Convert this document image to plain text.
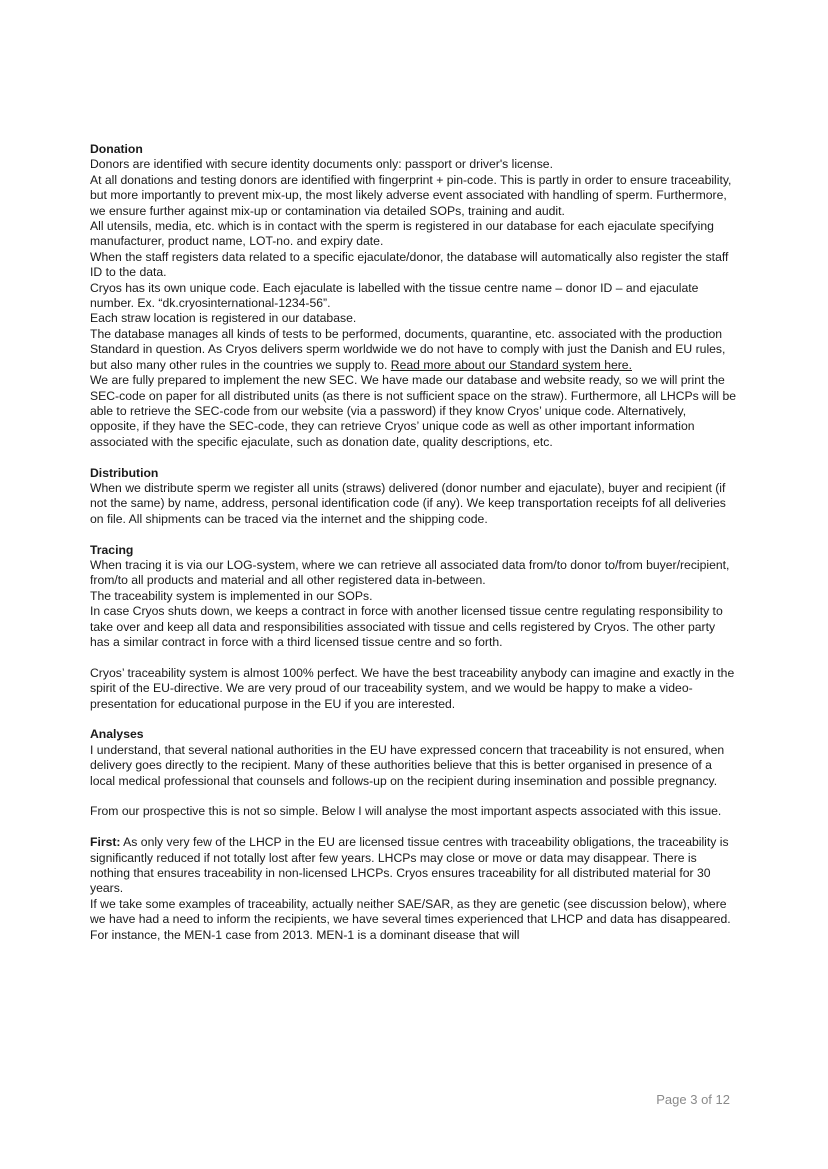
Donation

Donors are identified with secure identity documents only: passport or driver's license.

At all donations and testing donors are identified with fingerprint + pin-code. This is partly in order to ensure traceability, but more importantly to prevent mix-up, the most likely adverse event associated with handling of sperm. Furthermore, we ensure further against mix-up or contamination via detailed SOPs, training and audit.

All utensils, media, etc. which is in contact with the sperm is registered in our database for each ejaculate specifying manufacturer, product name, LOT-no. and expiry date.

When the staff registers data related to a specific ejaculate/donor, the database will automatically also register the staff ID to the data.

Cryos has its own unique code. Each ejaculate is labelled with the tissue centre name – donor ID – and ejaculate number. Ex. “dk.cryosinternational-1234-56”.

Each straw location is registered in our database.

The database manages all kinds of tests to be performed, documents, quarantine, etc. associated with the production Standard in question. As Cryos delivers sperm worldwide we do not have to comply with just the Danish and EU rules, but also many other rules in the countries we supply to. Read more about our Standard system here.

We are fully prepared to implement the new SEC. We have made our database and website ready, so we will print the SEC-code on paper for all distributed units (as there is not sufficient space on the straw). Furthermore, all LHCPs will be able to retrieve the SEC-code from our website (via a password) if they know Cryos’ unique code. Alternatively, opposite, if they have the SEC-code, they can retrieve Cryos’ unique code as well as other important information associated with the specific ejaculate, such as donation date, quality descriptions, etc.

Distribution

When we distribute sperm we register all units (straws) delivered (donor number and ejaculate), buyer and recipient (if not the same) by name, address, personal identification code (if any). We keep transportation receipts fof all deliveries on file. All shipments can be traced via the internet and the shipping code.

Tracing

When tracing it is via our LOG-system, where we can retrieve all associated data from/to donor to/from buyer/recipient, from/to all products and material and all other registered data in-between.

The traceability system is implemented in our SOPs.

In case Cryos shuts down, we keeps a contract in force with another licensed tissue centre regulating responsibility to take over and keep all data and responsibilities associated with tissue and cells registered by Cryos. The other party has a similar contract in force with a third licensed tissue centre and so forth.

Cryos’ traceability system is almost 100% perfect. We have the best traceability anybody can imagine and exactly in the spirit of the EU-directive. We are very proud of our traceability system, and we would be happy to make a video-presentation for educational purpose in the EU if you are interested.

Analyses

I understand, that several national authorities in the EU have expressed concern that traceability is not ensured, when delivery goes directly to the recipient. Many of these authorities believe that this is better organised in presence of a local medical professional that counsels and follows-up on the recipient during insemination and possible pregnancy.

From our prospective this is not so simple. Below I will analyse the most important aspects associated with this issue.

First: As only very few of the LHCP in the EU are licensed tissue centres with traceability obligations, the traceability is significantly reduced if not totally lost after few years. LHCPs may close or move or data may disappear. There is nothing that ensures traceability in non-licensed LHCPs. Cryos ensures traceability for all distributed material for 30 years.

If we take some examples of traceability, actually neither SAE/SAR, as they are genetic (see discussion below), where we have had a need to inform the recipients, we have several times experienced that LHCP and data has disappeared. For instance, the MEN-1 case from 2013. MEN-1 is a dominant disease that will

Page 3 of 12
